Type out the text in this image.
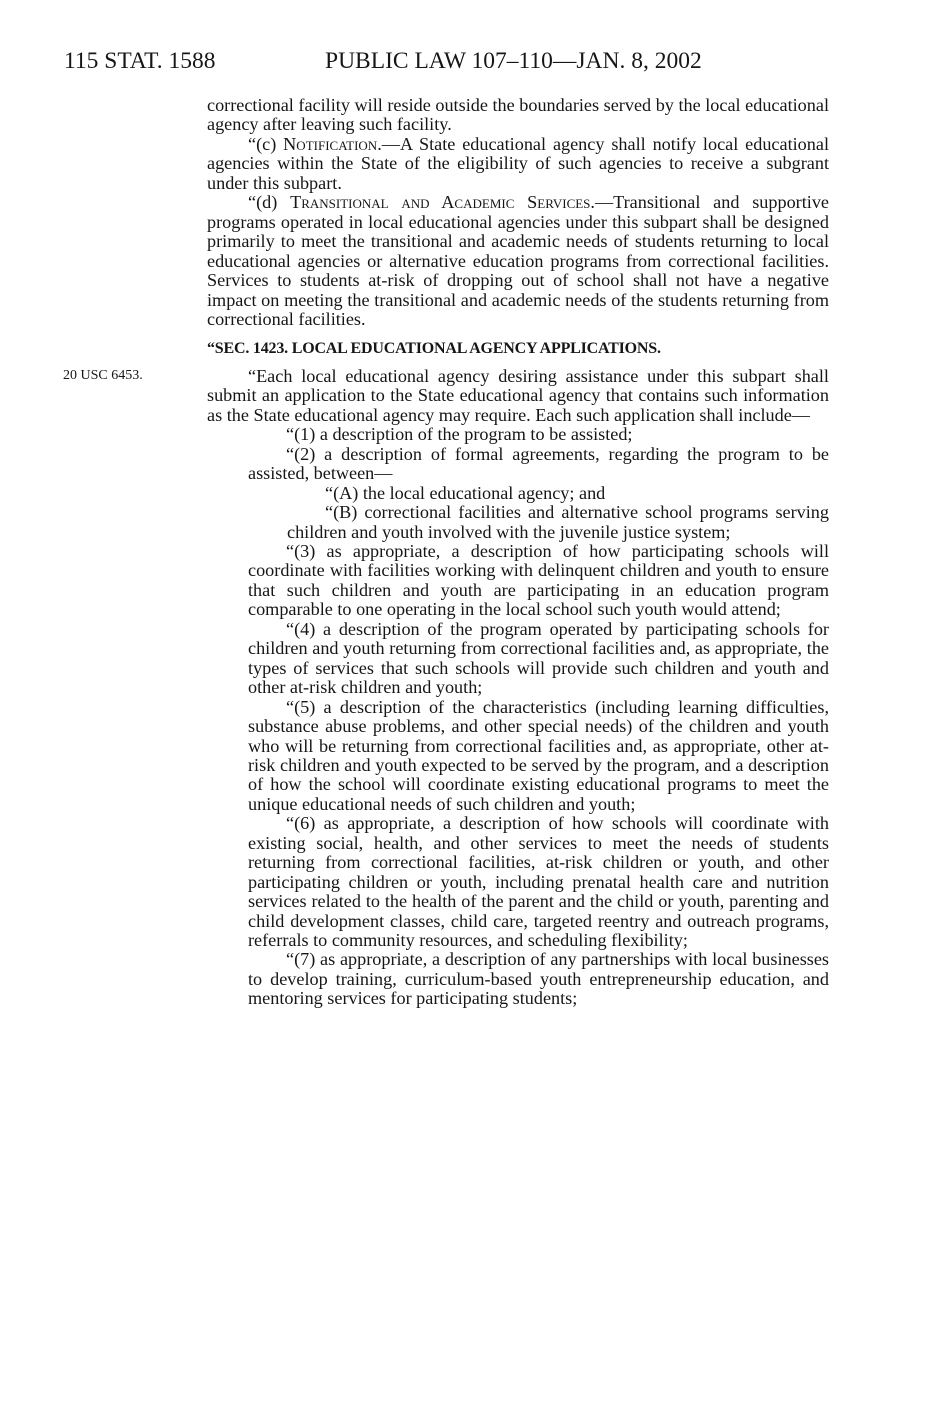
115 STAT. 1588	PUBLIC LAW 107–110—JAN. 8, 2002
20 USC 6453.

correctional facility will reside outside the boundaries served by the local educational agency after leaving such facility.

“(c) Notification.—A State educational agency shall notify local educational agencies within the State of the eligibility of such agencies to receive a subgrant under this subpart.

“(d) Transitional and Academic Services.—Transitional and supportive programs operated in local educational agencies under this subpart shall be designed primarily to meet the transitional and academic needs of students returning to local educational agencies or alternative education programs from correctional facilities. Services to students at-risk of dropping out of school shall not have a negative impact on meeting the transitional and academic needs of the students returning from correctional facilities.

“SEC. 1423. LOCAL EDUCATIONAL AGENCY APPLICATIONS.

“Each local educational agency desiring assistance under this subpart shall submit an application to the State educational agency that contains such information as the State educational agency may require. Each such application shall include—

“(1) a description of the program to be assisted;

“(2) a description of formal agreements, regarding the program to be assisted, between—

“(A) the local educational agency; and

“(B) correctional facilities and alternative school programs serving children and youth involved with the juvenile justice system;

“(3) as appropriate, a description of how participating schools will coordinate with facilities working with delinquent children and youth to ensure that such children and youth are participating in an education program comparable to one operating in the local school such youth would attend;

“(4) a description of the program operated by participating schools for children and youth returning from correctional facilities and, as appropriate, the types of services that such schools will provide such children and youth and other at-risk children and youth;

“(5) a description of the characteristics (including learning difficulties, substance abuse problems, and other special needs) of the children and youth who will be returning from correctional facilities and, as appropriate, other at-risk children and youth expected to be served by the program, and a description of how the school will coordinate existing educational programs to meet the unique educational needs of such children and youth;

“(6) as appropriate, a description of how schools will coordinate with existing social, health, and other services to meet the needs of students returning from correctional facilities, at-risk children or youth, and other participating children or youth, including prenatal health care and nutrition services related to the health of the parent and the child or youth, parenting and child development classes, child care, targeted reentry and outreach programs, referrals to community resources, and scheduling flexibility;

“(7) as appropriate, a description of any partnerships with local businesses to develop training, curriculum-based youth entrepreneurship education, and mentoring services for participating students;
